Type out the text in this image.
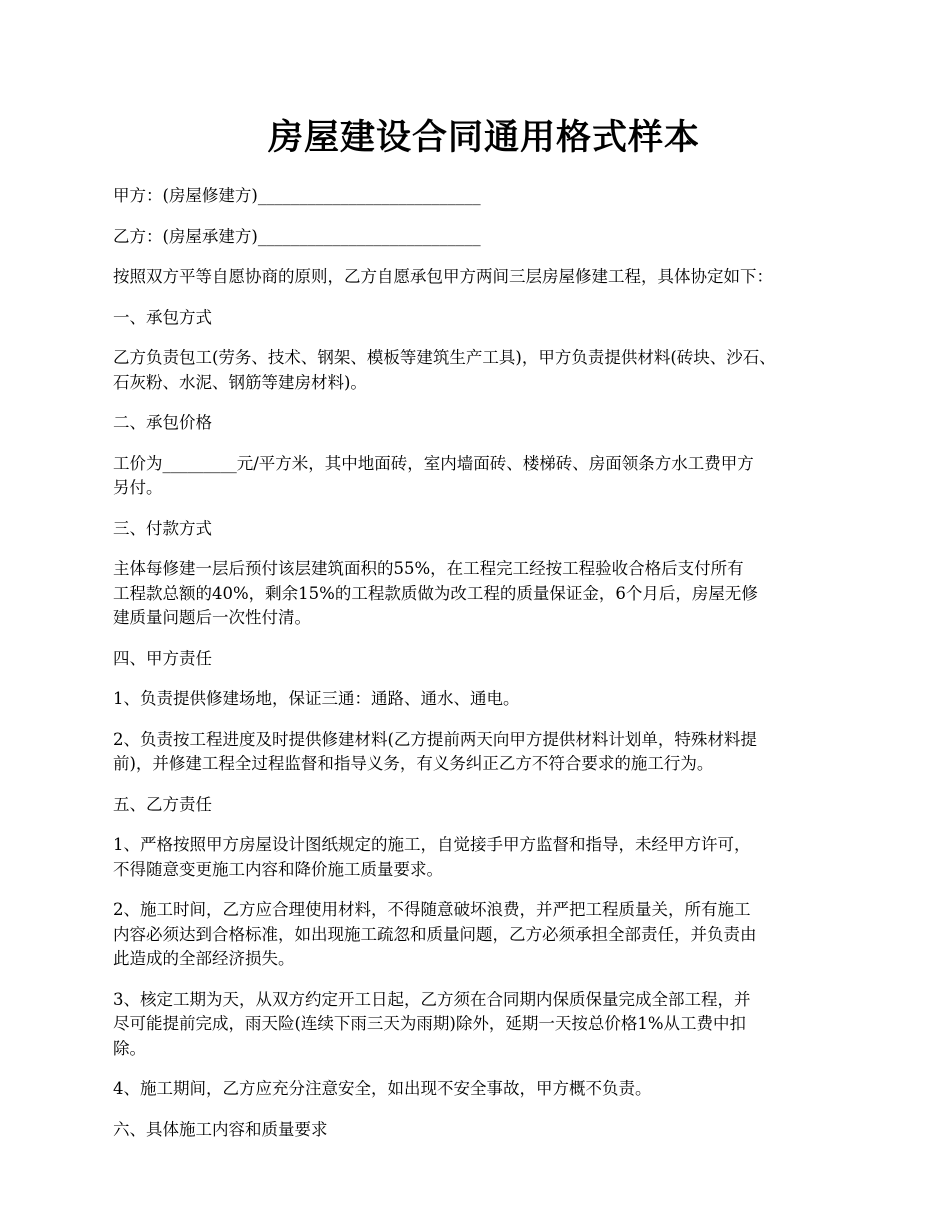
房屋建设合同通用格式样本

甲方：(房屋修建方)___________________________

乙方：(房屋承建方)___________________________

按照双方平等自愿协商的原则，乙方自愿承包甲方两间三层房屋修建工程，具体协定如下：

一、承包方式

乙方负责包工(劳务、技术、钢架、模板等建筑生产工具)，甲方负责提供材料(砖块、沙石、
石灰粉、水泥、钢筋等建房材料)。

二、承包价格

工价为_________元/平方米，其中地面砖，室内墙面砖、楼梯砖、房面领条方水工费甲方
另付。

三、付款方式

主体每修建一层后预付该层建筑面积的55%，在工程完工经按工程验收合格后支付所有
工程款总额的40%，剩余15%的工程款质做为改工程的质量保证金，6个月后，房屋无修
建质量问题后一次性付清。

四、甲方责任

1、负责提供修建场地，保证三通：通路、通水、通电。

2、负责按工程进度及时提供修建材料(乙方提前两天向甲方提供材料计划单，特殊材料提
前)，并修建工程全过程监督和指导义务，有义务纠正乙方不符合要求的施工行为。

五、乙方责任

1、严格按照甲方房屋设计图纸规定的施工，自觉接手甲方监督和指导，未经甲方许可，
不得随意变更施工内容和降价施工质量要求。

2、施工时间，乙方应合理使用材料，不得随意破坏浪费，并严把工程质量关，所有施工
内容必须达到合格标准，如出现施工疏忽和质量问题，乙方必须承担全部责任，并负责由
此造成的全部经济损失。

3、核定工期为天，从双方约定开工日起，乙方须在合同期内保质保量完成全部工程，并
尽可能提前完成，雨天险(连续下雨三天为雨期)除外，延期一天按总价格1%从工费中扣
除。

4、施工期间，乙方应充分注意安全，如出现不安全事故，甲方概不负责。

六、具体施工内容和质量要求
